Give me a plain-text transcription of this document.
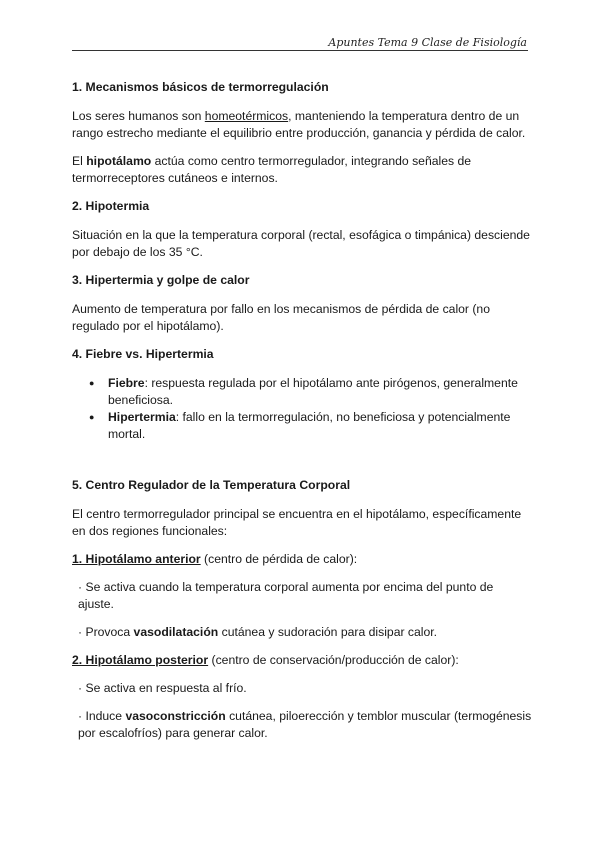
Apuntes Tema 9 Clase de Fisiología
1. Mecanismos básicos de termorregulación

Los seres humanos son homeotérmicos, manteniendo la temperatura dentro de un rango estrecho mediante el equilibrio entre producción, ganancia y pérdida de calor.

El hipotálamo actúa como centro termorregulador, integrando señales de termorreceptores cutáneos e internos.

2. Hipotermia

Situación en la que la temperatura corporal (rectal, esofágica o timpánica) desciende por debajo de los 35 °C.

3. Hipertermia y golpe de calor

Aumento de temperatura por fallo en los mecanismos de pérdida de calor (no regulado por el hipotálamo).

4. Fiebre vs. Hipertermia
● Fiebre: respuesta regulada por el hipotálamo ante pirógenos, generalmente beneficiosa.
● Hipertermia: fallo en la termorregulación, no beneficiosa y potencialmente mortal.
5. Centro Regulador de la Temperatura Corporal

El centro termorregulador principal se encuentra en el hipotálamo, específicamente en dos regiones funcionales:

1. Hipotálamo anterior (centro de pérdida de calor):

· Se activa cuando la temperatura corporal aumenta por encima del punto de ajuste.

· Provoca vasodilatación cutánea y sudoración para disipar calor.

2. Hipotálamo posterior (centro de conservación/producción de calor):

· Se activa en respuesta al frío.

· Induce vasoconstricción cutánea, piloerección y temblor muscular (termogénesis por escalofríos) para generar calor.
